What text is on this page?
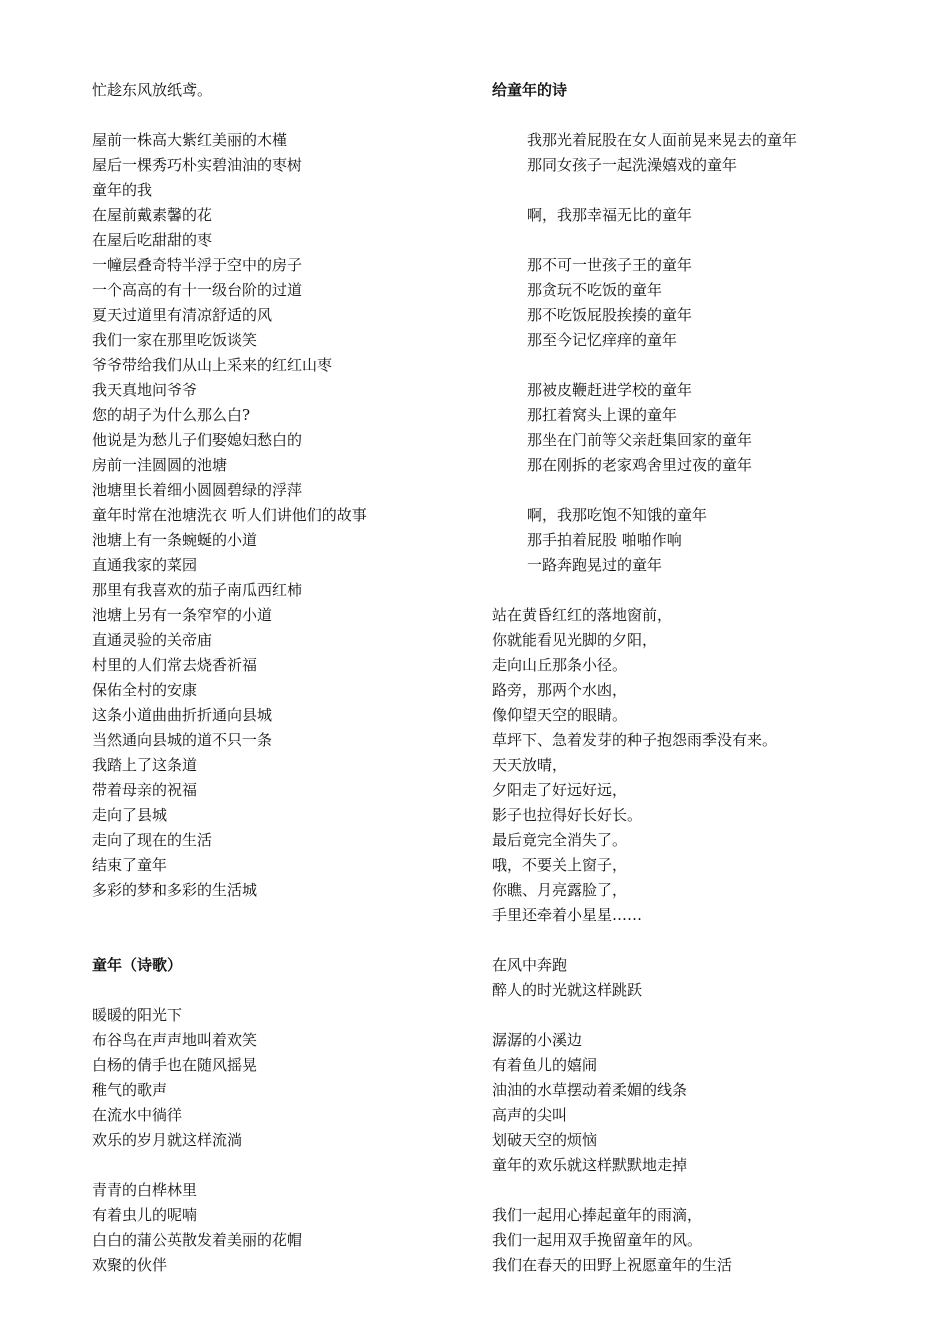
忙趁东风放纸鸢。
屋前一株高大紫红美丽的木槿
屋后一棵秀巧朴实碧油油的枣树
童年的我
在屋前戴素馨的花
在屋后吃甜甜的枣
一幢层叠奇特半浮于空中的房子
一个高高的有十一级台阶的过道
夏天过道里有清凉舒适的风
我们一家在那里吃饭谈笑
爷爷带给我们从山上采来的红红山枣
我天真地问爷爷
您的胡子为什么那么白?
他说是为愁儿子们娶媳妇愁白的
房前一洼圆圆的池塘
池塘里长着细小圆圆碧绿的浮萍
童年时常在池塘洗衣 听人们讲他们的故事
池塘上有一条蜿蜒的小道
直通我家的菜园
那里有我喜欢的茄子南瓜西红柿
池塘上另有一条窄窄的小道
直通灵验的关帝庙
村里的人们常去烧香祈福
保佑全村的安康
这条小道曲曲折折通向县城
当然通向县城的道不只一条
我踏上了这条道
带着母亲的祝福
走向了县城
走向了现在的生活
结束了童年
多彩的梦和多彩的生活城
童年（诗歌）
暖暖的阳光下
布谷鸟在声声地叫着欢笑
白杨的倩手也在随风摇晃
稚气的歌声
在流水中徜徉
欢乐的岁月就这样流淌
青青的白桦林里
有着虫儿的呢喃
白白的蒲公英散发着美丽的花帽
欢聚的伙伴
给童年的诗
我那光着屁股在女人面前晃来晃去的童年
那同女孩子一起洗澡嬉戏的童年
啊，我那幸福无比的童年
那不可一世孩子王的童年
那贪玩不吃饭的童年
那不吃饭屁股挨揍的童年
那至今记忆痒痒的童年
那被皮鞭赶进学校的童年
那扛着窝头上课的童年
那坐在门前等父亲赶集回家的童年
那在刚拆的老家鸡舍里过夜的童年
啊，我那吃饱不知饿的童年
那手拍着屁股 啪啪作响
一路奔跑晃过的童年
站在黄昏红红的落地窗前，
你就能看见光脚的夕阳，
走向山丘那条小径。
路旁，那两个水凼，
像仰望天空的眼睛。
草坪下、急着发芽的种子抱怨雨季没有来。
天天放晴，
夕阳走了好远好远，
影子也拉得好长好长。
最后竟完全消失了。
哦，不要关上窗子，
你瞧、月亮露脸了，
手里还牵着小星星……
在风中奔跑
醉人的时光就这样跳跃
潺潺的小溪边
有着鱼儿的嬉闹
油油的水草摆动着柔媚的线条
高声的尖叫
划破天空的烦恼
童年的欢乐就这样默默地走掉
我们一起用心捧起童年的雨滴，
我们一起用双手挽留童年的风。
我们在春天的田野上祝愿童年的生活
